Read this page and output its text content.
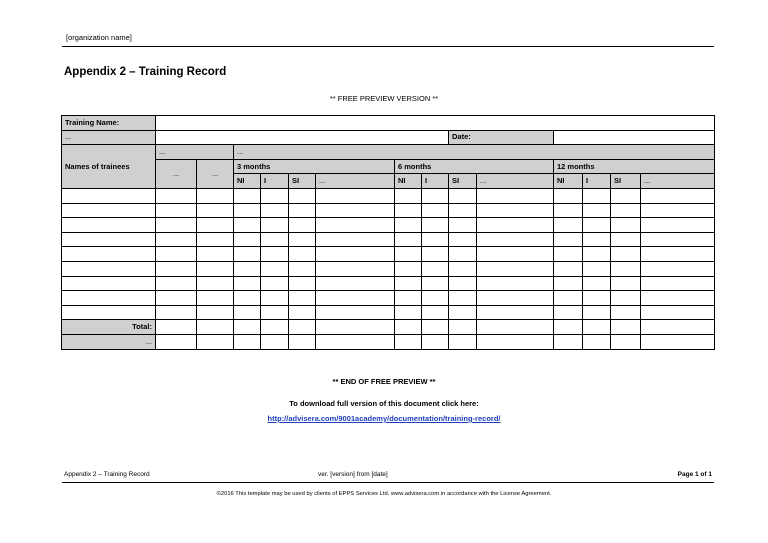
[organization name]
Appendix 2 – Training Record
** FREE PREVIEW VERSION **
Training Name:														
...									Date:					
Names of trainees	...		...											
	...	...	3 months				6 months				12 months			
			NI	I	SI	...	NI	I	SI	...	NI	I	SI	...

Total:														
...														
** END OF FREE PREVIEW **
To download full version of this document click here:
http://advisera.com/9001academy/documentation/training-record/
Appendix 2 – Training Record	ver. [version] from [date]	Page 1 of 1
©2016 This template may be used by clients of EPPS Services Ltd. www.advisera.com in accordance with the License Agreement.
